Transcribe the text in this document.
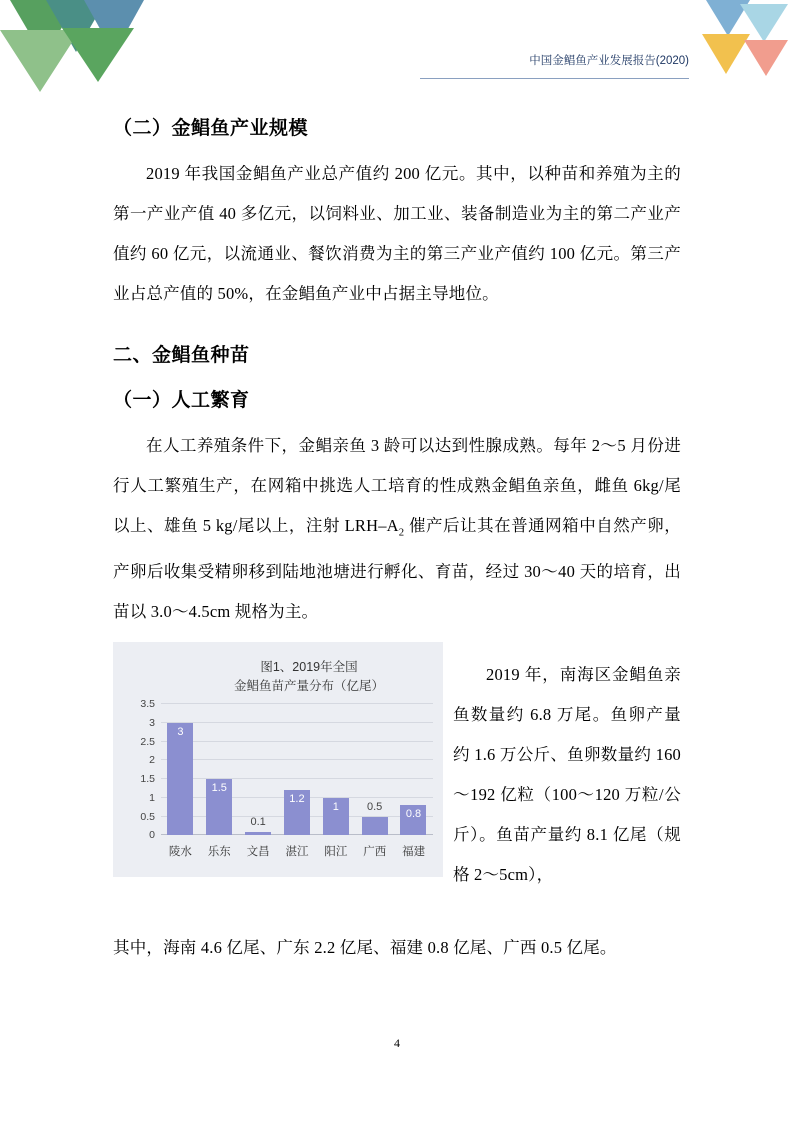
中国金鲳鱼产业发展报告(2020)
（二）金鲳鱼产业规模

2019 年我国金鲳鱼产业总产值约 200 亿元。其中，以种苗和养殖为主的第一产业产值 40 多亿元，以饲料业、加工业、装备制造业为主的第二产业产值约 60 亿元，以流通业、餐饮消费为主的第三产业产值约 100 亿元。第三产业占总产值的 50%，在金鲳鱼产业中占据主导地位。

二、金鲳鱼种苗
（一）人工繁育

在人工养殖条件下，金鲳亲鱼 3 龄可以达到性腺成熟。每年 2～5 月份进行人工繁殖生产，在网箱中挑选人工培育的性成熟金鲳鱼亲鱼，雌鱼 6kg/尾以上、雄鱼 5 kg/尾以上，注射 LRH–$A_2$ 催产后让其在普通网箱中自然产卵，产卵后收集受精卵移到陆地池塘进行孵化、育苗，经过 30～40 天的培育，出苗以 3.0～4.5cm 规格为主。

图1、2019年全国
金鲳鱼苗产量分布（亿尾）
0
0.5
1
1.5
2
2.5
3
3.5
3
1.5
0.1
1.2
1	0.5
0.8
陵水	乐东	文昌	湛江	阳江	广西	福建

2019 年，南海区金鲳鱼亲鱼数量约 6.8 万尾。鱼卵产量约 1.6 万公斤、鱼卵数量约 160～192 亿粒（100～120 万粒/公斤）。鱼苗产量约 8.1 亿尾（规格 2～5cm），

其中，海南 4.6 亿尾、广东 2.2 亿尾、福建 0.8 亿尾、广西 0.5 亿尾。

4
